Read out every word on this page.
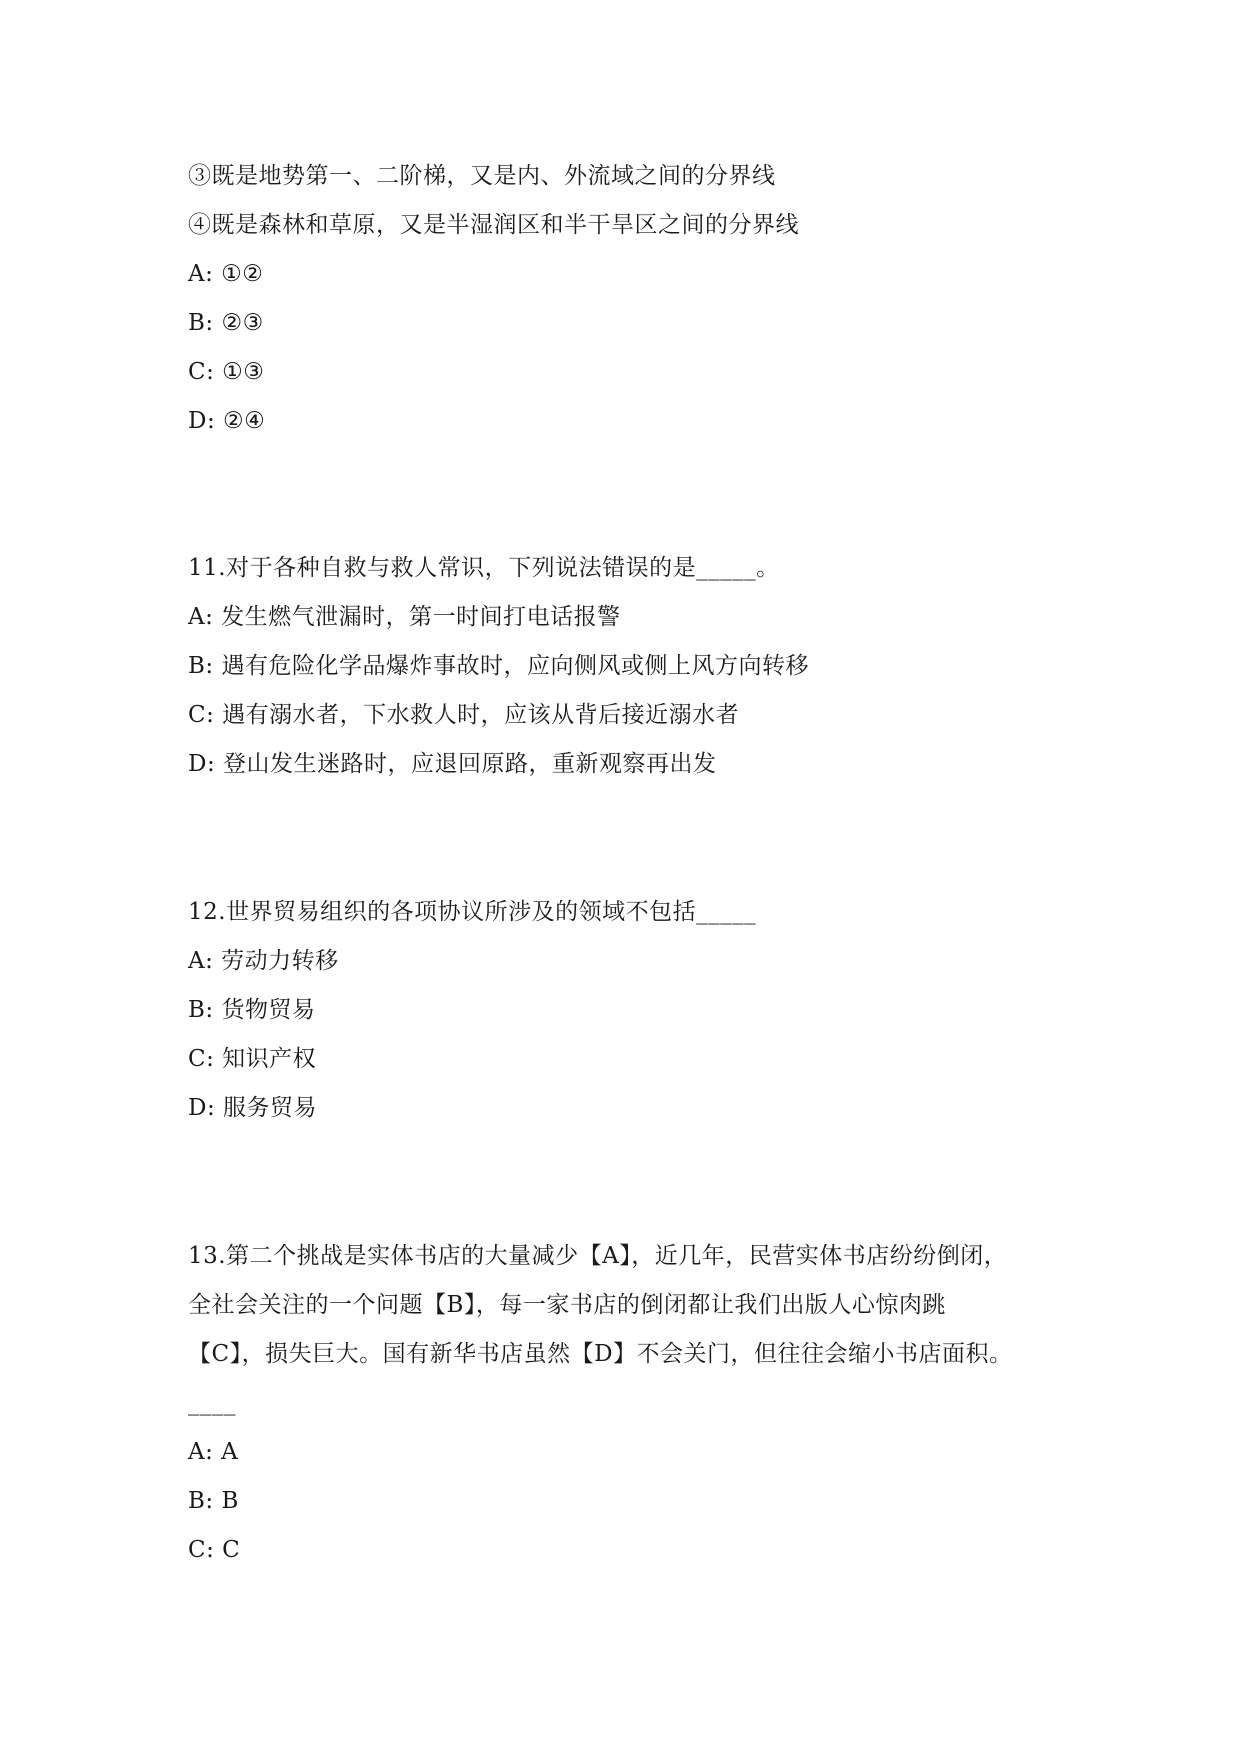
③既是地势第一、二阶梯，又是内、外流域之间的分界线
④既是森林和草原，又是半湿润区和半干旱区之间的分界线
A: ①②
B: ②③
C: ①③
D: ②④
11.对于各种自救与救人常识，下列说法错误的是_____。
A: 发生燃气泄漏时，第一时间打电话报警
B: 遇有危险化学品爆炸事故时，应向侧风或侧上风方向转移
C: 遇有溺水者，下水救人时，应该从背后接近溺水者
D: 登山发生迷路时，应退回原路，重新观察再出发
12.世界贸易组织的各项协议所涉及的领域不包括_____
A: 劳动力转移
B: 货物贸易
C: 知识产权
D: 服务贸易
13.第二个挑战是实体书店的大量减少【A】，近几年，民营实体书店纷纷倒闭，
全社会关注的一个问题【B】，每一家书店的倒闭都让我们出版人心惊肉跳
【C】，损失巨大。国有新华书店虽然【D】不会关门，但往往会缩小书店面积。
____
A: A
B: B
C: C
